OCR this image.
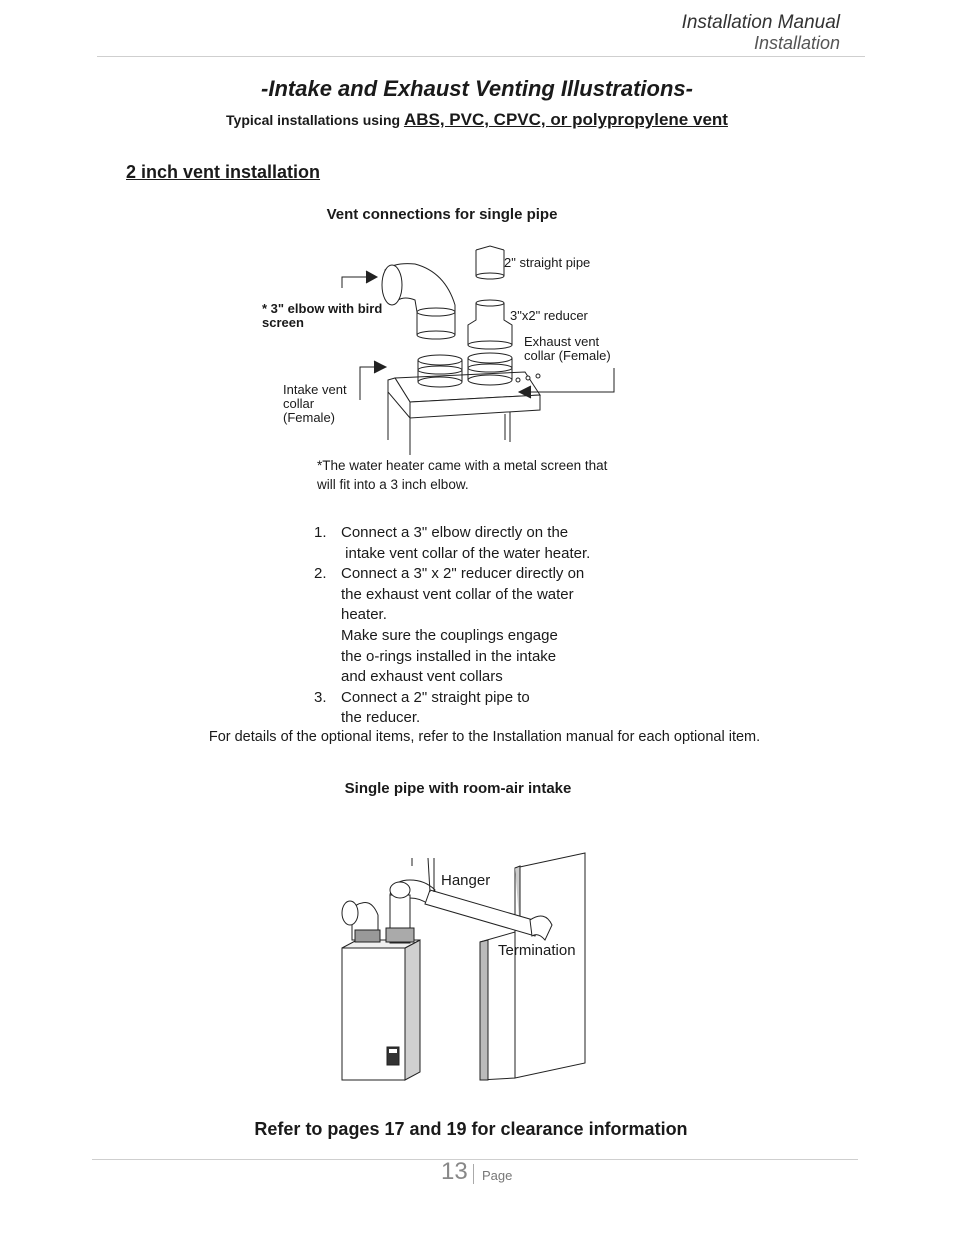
Installation Manual
Installation
-Intake and Exhaust Venting Illustrations-
Typical installations using ABS, PVC, CPVC, or polypropylene vent
2 inch vent installation
Vent connections for single pipe
2" straight pipe
* 3" elbow with bird screen	3"x2" reducer
Exhaust vent collar (Female)
Intake vent collar (Female)
*The water heater came with a metal screen that will fit into a 3 inch elbow.
1. Connect a 3" elbow directly on the
intake vent collar of the water heater.
2. Connect a 3" x 2" reducer directly on
the exhaust vent collar of the water
heater.
Make sure the couplings engage
the o-rings installed in the intake
and exhaust vent collars
3. Connect a 2" straight pipe to
the reducer.
For details of the optional items, refer to the Installation manual for each optional item.
Single pipe with room-air intake
Hanger
Termination
Refer to pages 17 and 19 for clearance information
13 Page
